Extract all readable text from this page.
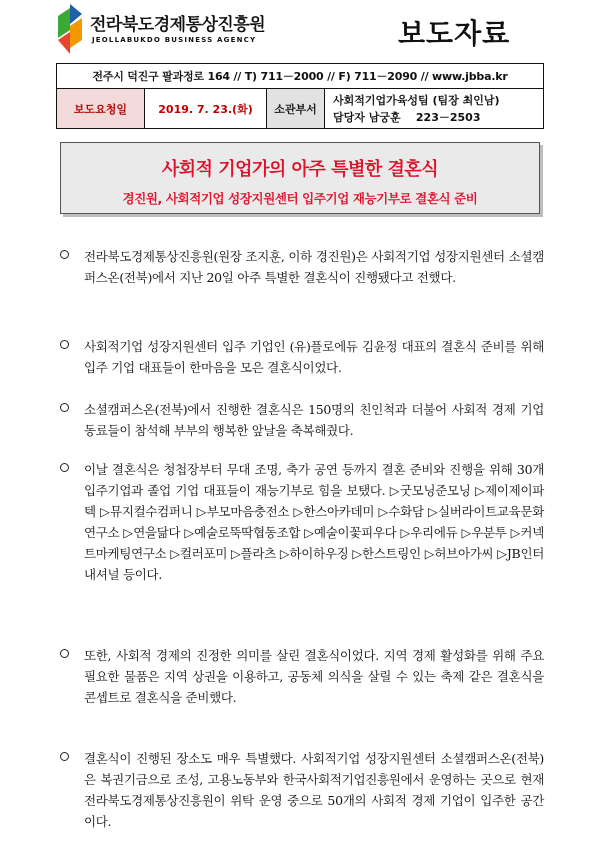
전라북도경제통상진흥원
JEOLLABUKDO BUSINESS AGENCY	보도자료
전주시 덕진구 팔과정로 164 // T) 711－2000 // F) 711－2090 // www.jbba.kr
보도요청일	2019. 7. 23.(화)	소관부서
사회적기업가육성팀 (팀장 최인남)
담당자 남궁훈    223－2503
사회적 기업가의 아주 특별한 결혼식
경진원, 사회적기업 성장지원센터 입주기업 재능기부로 결혼식 준비

전라북도경제통상진흥원(원장 조지훈, 이하 경진원)은 사회적기업 성장지원센터 소셜캠퍼스온(전북)에서 지난 20일 아주 특별한 결혼식이 진행됐다고 전했다.

사회적기업 성장지원센터 입주 기업인 (유)플로에듀 김윤정 대표의 결혼식 준비를 위해 입주 기업 대표들이 한마음을 모은 결혼식이었다.

소셜캠퍼스온(전북)에서 진행한 결혼식은 150명의 친인척과 더불어 사회적 경제 기업 동료들이 참석해 부부의 행복한 앞날을 축복해줬다.

이날 결혼식은 청첩장부터 무대 조명, 축가 공연 등까지 결혼 준비와 진행을 위해 30개 입주기업과 졸업 기업 대표들이 재능기부로 힘을 보탰다. ▷굿모닝준모닝 ▷제이제이파텍 ▷뮤지컬수컴퍼니 ▷부모마음충전소 ▷한스아카데미 ▷수화담 ▷실버라이트교육문화연구소 ▷연을닮다 ▷예술로뚝딱협동조합 ▷예술이꽃피우다 ▷우리에듀 ▷우분투 ▷커넥트마케팅연구소 ▷컬러포미 ▷플라츠 ▷하이하우징 ▷한스트링인 ▷허브아가씨 ▷JB인터내셔널 등이다.

또한, 사회적 경제의 진정한 의미를 살린 결혼식이었다. 지역 경제 활성화를 위해 주요 필요한 물품은 지역 상권을 이용하고, 공동체 의식을 살릴 수 있는 축제 같은 결혼식을 콘셉트로 결혼식을 준비했다.

결혼식이 진행된 장소도 매우 특별했다. 사회적기업 성장지원센터 소셜캠퍼스온(전북)은 복권기금으로 조성, 고용노동부와 한국사회적기업진흥원에서 운영하는 곳으로 현재 전라북도경제통상진흥원이 위탁 운영 중으로 50개의 사회적 경제 기업이 입주한 공간이다.
